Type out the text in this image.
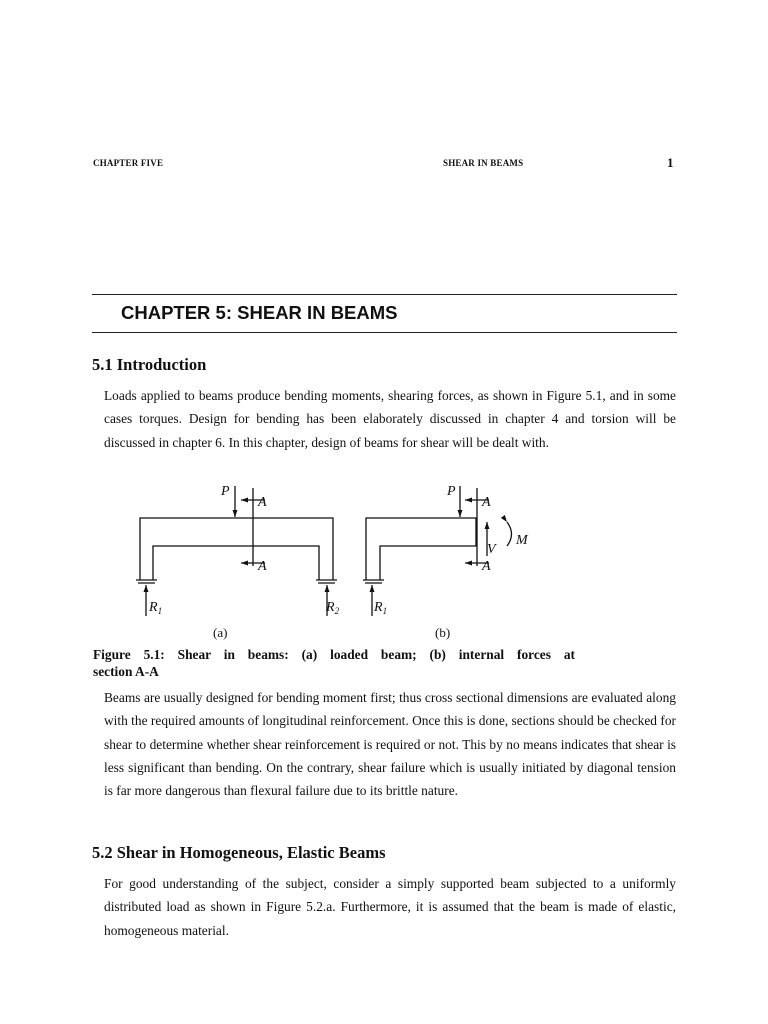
CHAPTER FIVE	SHEAR IN BEAMS	1
CHAPTER 5: SHEAR IN BEAMS
5.1 Introduction
Loads applied to beams produce bending moments, shearing forces, as shown in Figure 5.1, and in some cases torques. Design for bending has been elaborately discussed in chapter 4 and torsion will be discussed in chapter 6. In this chapter, design of beams for shear will be dealt with.
P
A
A
$R_1$	$R_2$
P
A
A
$R_1$
V
M
(a)	(b)
Figure 5.1: Shear in beams: (a) loaded beam; (b) internal forces at
section A-A
Beams are usually designed for bending moment first; thus cross sectional dimensions are evaluated along with the required amounts of longitudinal reinforcement. Once this is done, sections should be checked for shear to determine whether shear reinforcement is required or not. This by no means indicates that shear is less significant than bending. On the contrary, shear failure which is usually initiated by diagonal tension is far more dangerous than flexural failure due to its brittle nature.
5.2 Shear in Homogeneous, Elastic Beams
For good understanding of the subject, consider a simply supported beam subjected to a uniformly distributed load as shown in Figure 5.2.a. Furthermore, it is assumed that the beam is made of elastic, homogeneous material.
